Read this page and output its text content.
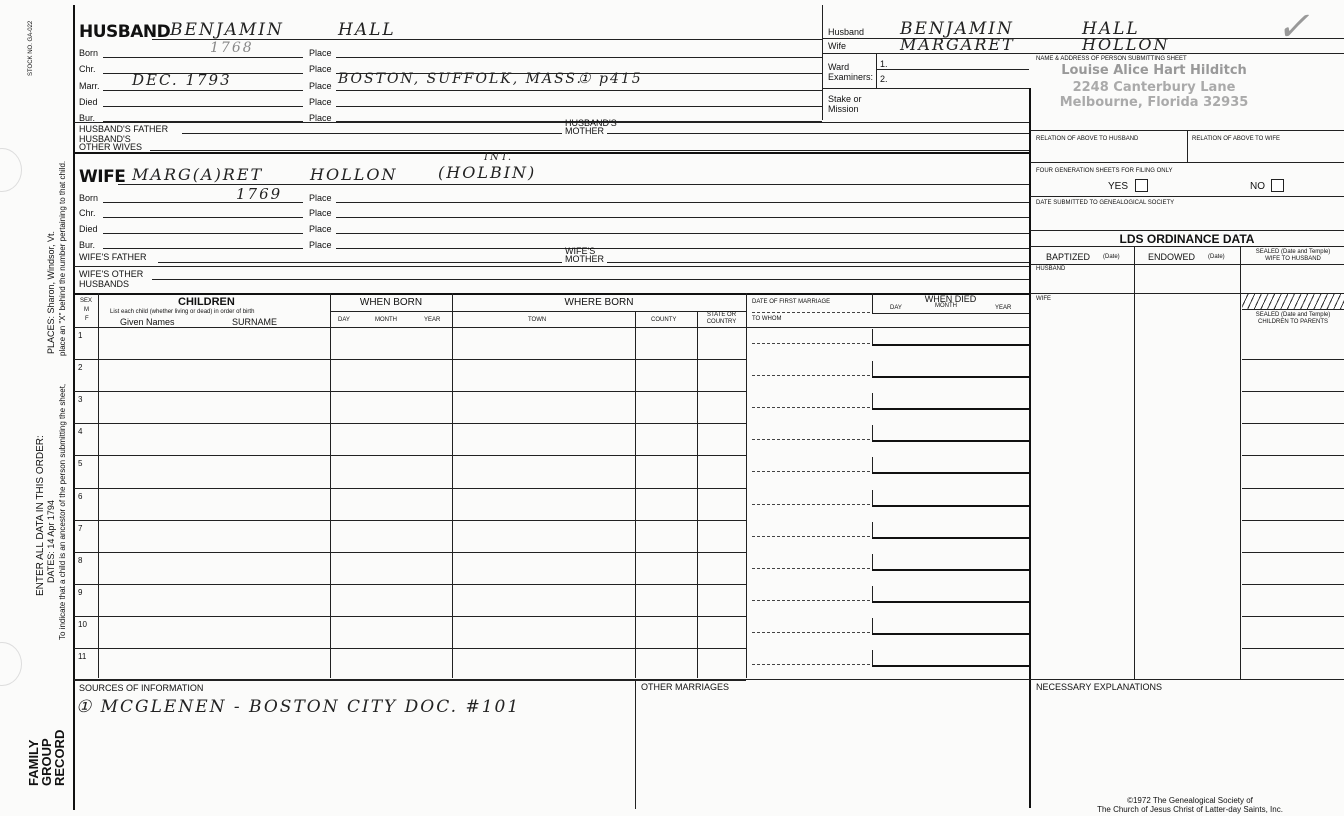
STOCK NO. GA-022
PLACES: Sharon, Windsor, Vt. place an "X" behind the number pertaining to that child.
To indicate that a child is an ancestor of the person submitting the sheet,
ENTER ALL DATA IN THIS ORDER: DATES: 14 Apr 1794
FAMILY
GROUP
RECORD
HUSBAND BENJAMIN	HALL
Born	1768	Place
Chr.	Place
Marr. DEC. 1793	Place BOSTON, SUFFOLK, MASS.
① p415
Died	Place
Bur.	Place
HUSBAND'S FATHER
HUSBAND'S
MOTHER
HUSBAND'S
OTHER WIVES
WIFE MARG(A)RET	HOLLON	(HOLBIN)
INT.
Born	1769	Place
Chr.	Place
Died	Place
Bur.	Place
WIFE'S FATHER
WIFE'S
MOTHER
WIFE'S OTHER
HUSBANDS
Husband BENJAMIN	HALL	✓
Wife	MARGARET	HOLLON
Ward
Examiners:
1.
2.
Stake or
Mission
NAME & ADDRESS OF PERSON SUBMITTING SHEET
Louise Alice Hart Hilditch
2248 Canterbury Lane
Melbourne, Florida 32935
RELATION OF ABOVE TO HUSBAND	RELATION OF ABOVE TO WIFE
FOUR GENERATION SHEETS FOR FILING ONLY
YES	NO
DATE SUBMITTED TO GENEALOGICAL SOCIETY
LDS ORDINANCE DATA
BAPTIZED (Date)	ENDOWED (Date)
SEALED (Date and Temple)
WIFE TO HUSBAND
HUSBAND
WIFE
SEALED (Date and Temple)
CHILDREN TO PARENTS
SEX
M
F
CHILDREN
List each child (whether living or dead) in order of birth
Given Names	SURNAME
WHEN BORN
DAY	MONTH	YEAR
WHERE BORN
TOWN	COUNTY
STATE OR
COUNTRY
DATE OF FIRST MARRIAGE
TO WHOM
WHEN DIED
DAY	MONTH	YEAR
1
2
3
4
5
6
7
8
9
10
11
SOURCES OF INFORMATION
① MCGLENEN - BOSTON CITY DOC. #101
OTHER MARRIAGES	NECESSARY EXPLANATIONS
©1972 The Genealogical Society of
The Church of Jesus Christ of Latter-day Saints, Inc.
